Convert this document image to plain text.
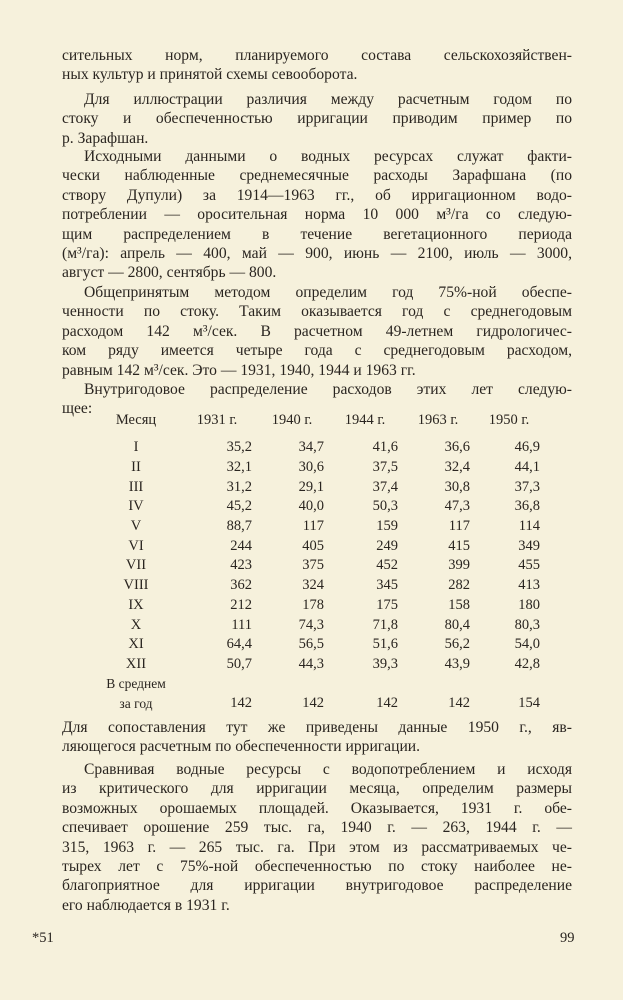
сительных норм, планируемого состава сельскохозяйствен-
ных культур и принятой схемы севооборота.

Для иллюстрации различия между расчетным годом по
стоку и обеспеченностью ирригации приводим пример по
р. Зарафшан.

Исходными данными о водных ресурсах служат факти-
чески наблюденные среднемесячные расходы Зарафшана (по
створу Дупули) за 1914—1963 гг., об ирригационном водо-
потреблении — оросительная норма 10 000 м³/га со следую-
щим распределением в течение вегетационного периода
(м³/га): апрель — 400, май — 900, июнь — 2100, июль — 3000,
август — 2800, сентябрь — 800.

Общепринятым методом определим год 75%-ной обеспе-
ченности по стоку. Таким оказывается год с среднегодовым
расходом 142 м³/сек. В расчетном 49-летнем гидрологичес-
ком ряду имеется четыре года с среднегодовым расходом,
равным 142 м³/сек. Это — 1931, 1940, 1944 и 1963 гг.

Внутригодовое распределение расходов этих лет следую-
щее:

Месяц	1931 г.	1940 г.	1944 г.	1963 г.	1950 г.
I	35,2	34,7	41,6	36,6	46,9
II	32,1	30,6	37,5	32,4	44,1
III	31,2	29,1	37,4	30,8	37,3
IV	45,2	40,0	50,3	47,3	36,8
V	88,7	117	159	117	114
VI	244	405	249	415	349
VII	423	375	452	399	455
VIII	362	324	345	282	413
IX	212	178	175	158	180
X	111	74,3	71,8	80,4	80,3
XI	64,4	56,5	51,6	56,2	54,0
XII	50,7	44,3	39,3	43,9	42,8
В среднем					
за год	142	142	142	142	154

Для сопоставления тут же приведены данные 1950 г., яв-
ляющегося расчетным по обеспеченности ирригации.

Сравнивая водные ресурсы с водопотреблением и исходя
из критического для ирригации месяца, определим размеры
возможных орошаемых площадей. Оказывается, 1931 г. обе-
спечивает орошение 259 тыс. га, 1940 г. — 263, 1944 г. —
315, 1963 г. — 265 тыс. га. При этом из рассматриваемых че-
тырех лет с 75%-ной обеспеченностью по стоку наиболее не-
благоприятное для ирригации внутригодовое распределение
его наблюдается в 1931 г.

*51	99
